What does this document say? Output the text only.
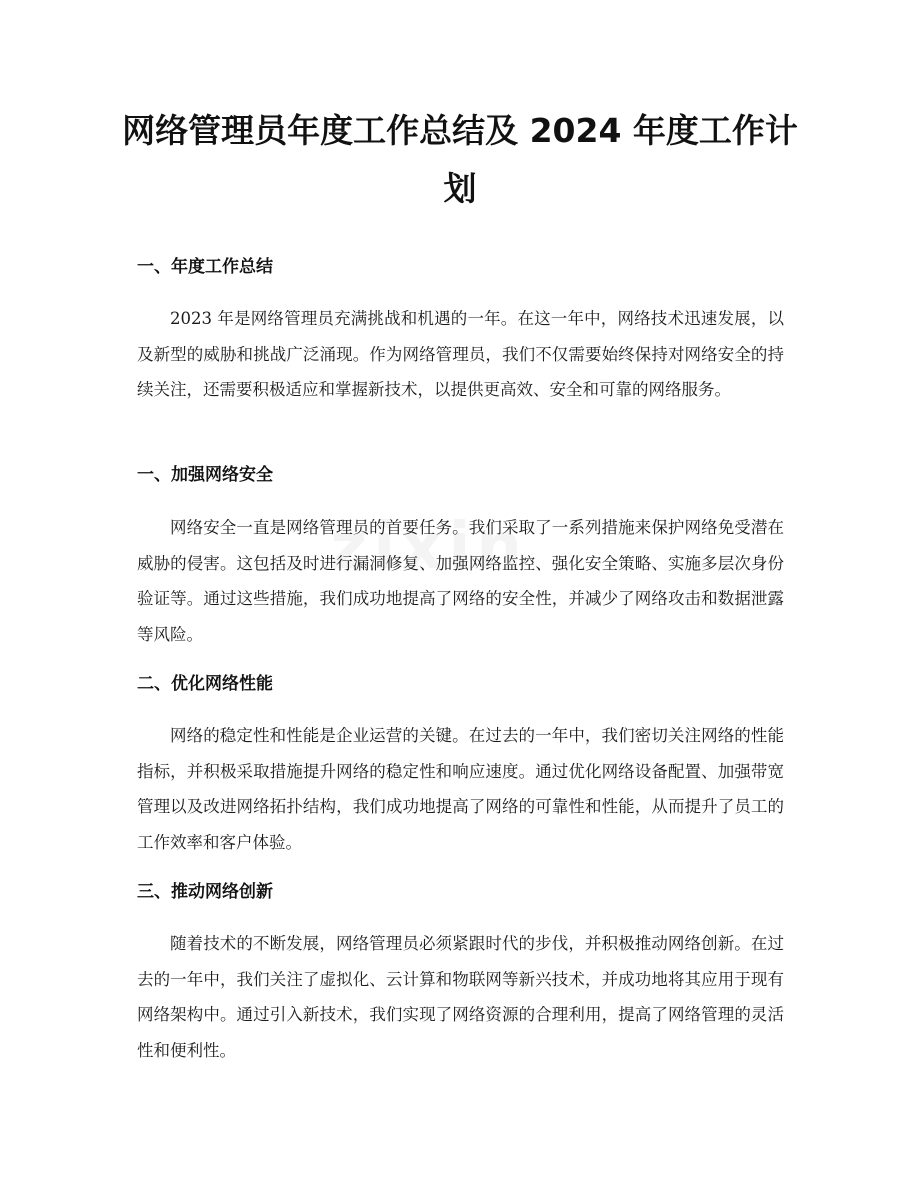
网络管理员年度工作总结及 2024 年度工作计划
一、年度工作总结

2023 年是网络管理员充满挑战和机遇的一年。在这一年中，网络技术迅速发展，以及新型的威胁和挑战广泛涌现。作为网络管理员，我们不仅需要始终保持对网络安全的持续关注，还需要积极适应和掌握新技术，以提供更高效、安全和可靠的网络服务。

一、加强网络安全

网络安全一直是网络管理员的首要任务。我们采取了一系列措施来保护网络免受潜在威胁的侵害。这包括及时进行漏洞修复、加强网络监控、强化安全策略、实施多层次身份验证等。通过这些措施，我们成功地提高了网络的安全性，并减少了网络攻击和数据泄露等风险。

二、优化网络性能

网络的稳定性和性能是企业运营的关键。在过去的一年中，我们密切关注网络的性能指标，并积极采取措施提升网络的稳定性和响应速度。通过优化网络设备配置、加强带宽管理以及改进网络拓扑结构，我们成功地提高了网络的可靠性和性能，从而提升了员工的工作效率和客户体验。

三、推动网络创新

随着技术的不断发展，网络管理员必须紧跟时代的步伐，并积极推动网络创新。在过去的一年中，我们关注了虚拟化、云计算和物联网等新兴技术，并成功地将其应用于现有网络架构中。通过引入新技术，我们实现了网络资源的合理利用，提高了网络管理的灵活性和便利性。
